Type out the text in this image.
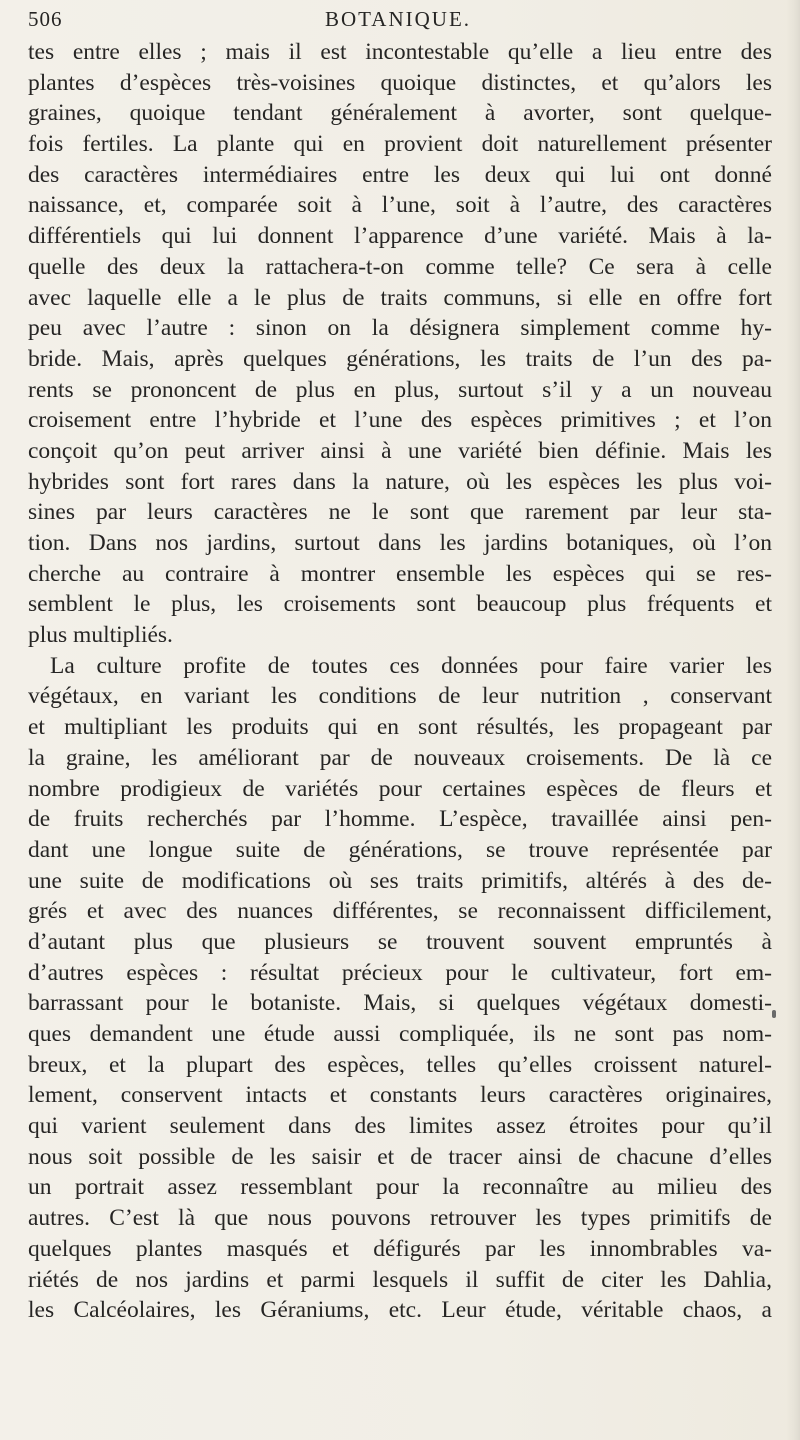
506	BOTANIQUE.
tes entre elles ; mais il est incontestable qu’elle a lieu entre des
plantes d’espèces très-voisines quoique distinctes, et qu’alors les
graines, quoique tendant généralement à avorter, sont quelque-
fois fertiles. La plante qui en provient doit naturellement présenter
des caractères intermédiaires entre les deux qui lui ont donné
naissance, et, comparée soit à l’une, soit à l’autre, des caractères
différentiels qui lui donnent l’apparence d’une variété. Mais à la-
quelle des deux la rattachera-t-on comme telle? Ce sera à celle
avec laquelle elle a le plus de traits communs, si elle en offre fort
peu avec l’autre : sinon on la désignera simplement comme hy-
bride. Mais, après quelques générations, les traits de l’un des pa-
rents se prononcent de plus en plus, surtout s’il y a un nouveau
croisement entre l’hybride et l’une des espèces primitives ; et l’on
conçoit qu’on peut arriver ainsi à une variété bien définie. Mais les
hybrides sont fort rares dans la nature, où les espèces les plus voi-
sines par leurs caractères ne le sont que rarement par leur sta-
tion. Dans nos jardins, surtout dans les jardins botaniques, où l’on
cherche au contraire à montrer ensemble les espèces qui se res-
semblent le plus, les croisements sont beaucoup plus fréquents et
plus multipliés.
La culture profite de toutes ces données pour faire varier les
végétaux, en variant les conditions de leur nutrition , conservant
et multipliant les produits qui en sont résultés, les propageant par
la graine, les améliorant par de nouveaux croisements. De là ce
nombre prodigieux de variétés pour certaines espèces de fleurs et
de fruits recherchés par l’homme. L’espèce, travaillée ainsi pen-
dant une longue suite de générations, se trouve représentée par
une suite de modifications où ses traits primitifs, altérés à des de-
grés et avec des nuances différentes, se reconnaissent difficilement,
d’autant plus que plusieurs se trouvent souvent empruntés à
d’autres espèces : résultat précieux pour le cultivateur, fort em-
barrassant pour le botaniste. Mais, si quelques végétaux domesti-
ques demandent une étude aussi compliquée, ils ne sont pas nom-
breux, et la plupart des espèces, telles qu’elles croissent naturel-
lement, conservent intacts et constants leurs caractères originaires,
qui varient seulement dans des limites assez étroites pour qu’il
nous soit possible de les saisir et de tracer ainsi de chacune d’elles
un portrait assez ressemblant pour la reconnaître au milieu des
autres. C’est là que nous pouvons retrouver les types primitifs de
quelques plantes masqués et défigurés par les innombrables va-
riétés de nos jardins et parmi lesquels il suffit de citer les Dahlia,
les Calcéolaires, les Géraniums, etc. Leur étude, véritable chaos, a
